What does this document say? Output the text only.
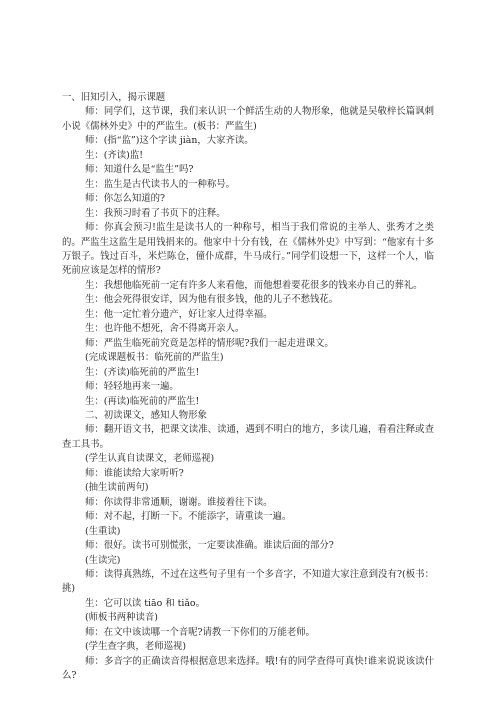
一、旧知引入，揭示课题
师：同学们，这节课，我们来认识一个鲜活生动的人物形象，他就是吴敬梓长篇讽刺小说《儒林外史》中的严监生。(板书：严监生)
师：(指“监”)这个字读 jiàn，大家齐读。
生：(齐读)监!
师：知道什么是“监生”吗?
生：监生是古代读书人的一种称号。
师：你怎么知道的?
生：我预习时看了书页下的注释。
师：你真会预习!监生是读书人的一种称号，相当于我们常说的主举人、张秀才之类的。严监生这监生是用钱捐来的。他家中十分有钱，在《儒林外史》中写到：“他家有十多万银子。钱过百斗，米烂陈仓，僮仆成群，牛马成行。”同学们设想一下，这样一个人，临死前应该是怎样的情形?
生：我想他临死前一定有许多人来看他，而他想着要花很多的钱来办自己的葬礼。
生：他会死得很安详，因为他有很多钱，他的儿子不愁钱花。
生：他一定忙着分遗产，好让家人过得幸福。
生：也许他不想死，舍不得离开亲人。
师：严监生临死前究竟是怎样的情形呢?我们一起走进课文。
(完成课题板书：临死前的严监生)
生：(齐读)临死前的严监生!
师：轻轻地再来一遍。
生：(再读)临死前的严监生!
二、初读课文，感知人物形象
师：翻开语文书，把课文读准、读通，遇到不明白的地方，多读几遍，看看注释或查查工具书。
(学生认真自读课文，老师巡视)
师：谁能读给大家听听?
(抽生读前两句)
师：你读得非常通顺，谢谢。谁接着往下读。
师：对不起，打断一下。不能添字，请重读一遍。
(生重读)
师：很好。读书可别慌张，一定要读准确。谁读后面的部分?
(生读完)
师：读得真熟练，不过在这些句子里有一个多音字，不知道大家注意到没有?(板书：挑)
生：它可以读 tiāo 和 tiǎo。
(师板书两种读音)
师：在文中该读哪一个音呢?请教一下你们的万能老师。
(学生查字典，老师巡视)
师：多音字的正确读音得根据意思来选择。哦!有的同学查得可真快!谁来说说该读什么?
